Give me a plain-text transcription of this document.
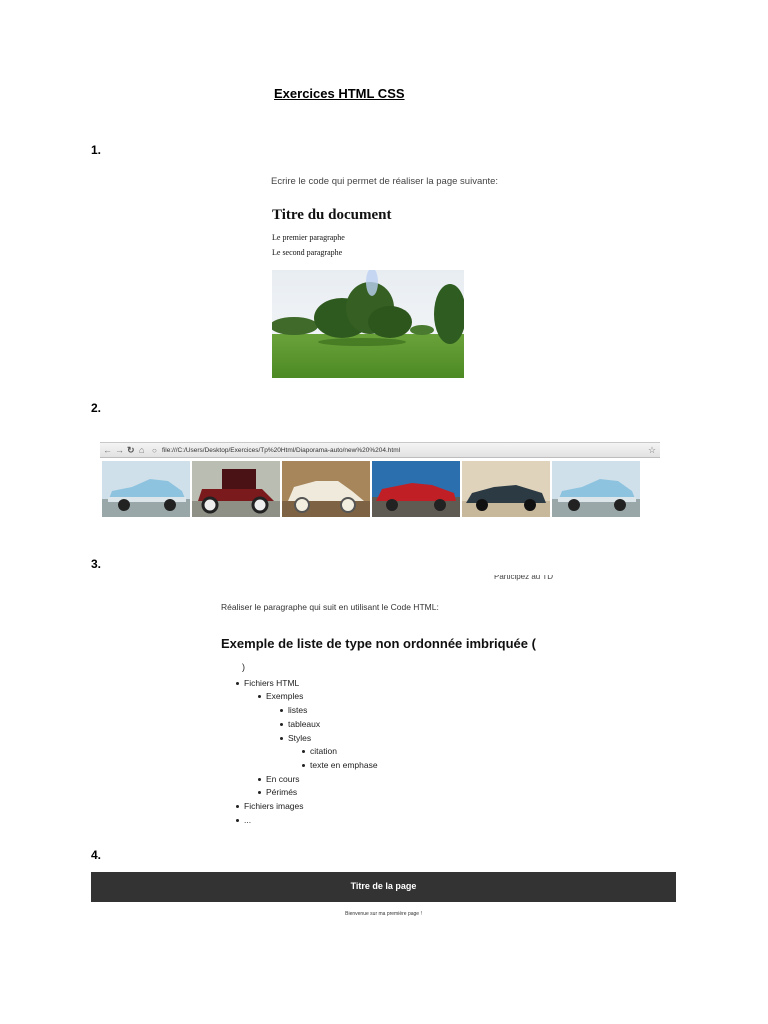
Exercices HTML CSS
1.
Ecrire le code qui permet de réaliser la page suivante:
Titre du document
Le premier paragraphe
Le second paragraphe
2.
← → ↻ ⌂ ○ file:///C:/Users/Desktop/Exercices/Tp%20Html/Diaporama-auto/new%20%204.html	☆
3.
Participez au TD
Réaliser le paragraphe qui suit en utilisant le Code HTML:
Exemple de liste de type non ordonnée imbriquée (
)
Fichiers HTML
Exemples
listes
tableaux
Styles
citation
texte en emphase
En cours
Périmés
Fichiers images
...
4.
Titre de la page
Bienvenue sur ma première page !
